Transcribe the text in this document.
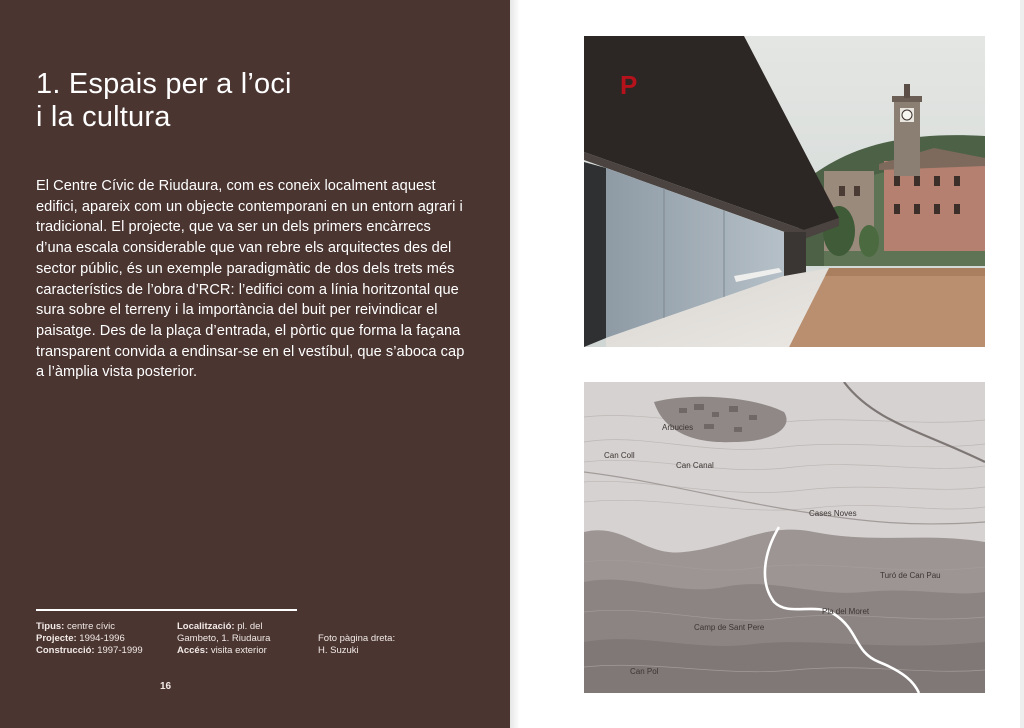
1. Espais per a l’oci
i la cultura

El Centre Cívic de Riudaura, com es coneix localment aquest edifici, apareix com un objecte contemporani en un entorn agrari i tradicional. El projecte, que va ser un dels primers encàrrecs d’una escala considerable que van rebre els arquitectes des del sector públic, és un exemple paradigmàtic de dos dels trets més característics de l’obra d’RCR: l’edifici com a línia horitzontal que sura sobre el terreny i la importància del buit per reivindicar el paisatge. Des de la plaça d’entrada, el pòrtic que forma la façana transparent convida a endinsar-se en el vestíbul, que s’aboca cap a l’àmplia vista posterior.

Tipus: centre cívic
Projecte: 1994-1996
Construcció: 1997-1999
Localització: pl. del
Gambeto, 1. Riudaura
Accés: visita exterior
Foto pàgina dreta:
H. Suzuki
16
P
Arbucies
Can Coll
Can Canal
Cases Noves
Pla del Moret
Turó de Can Pau
Camp de Sant Pere
Can Pol
